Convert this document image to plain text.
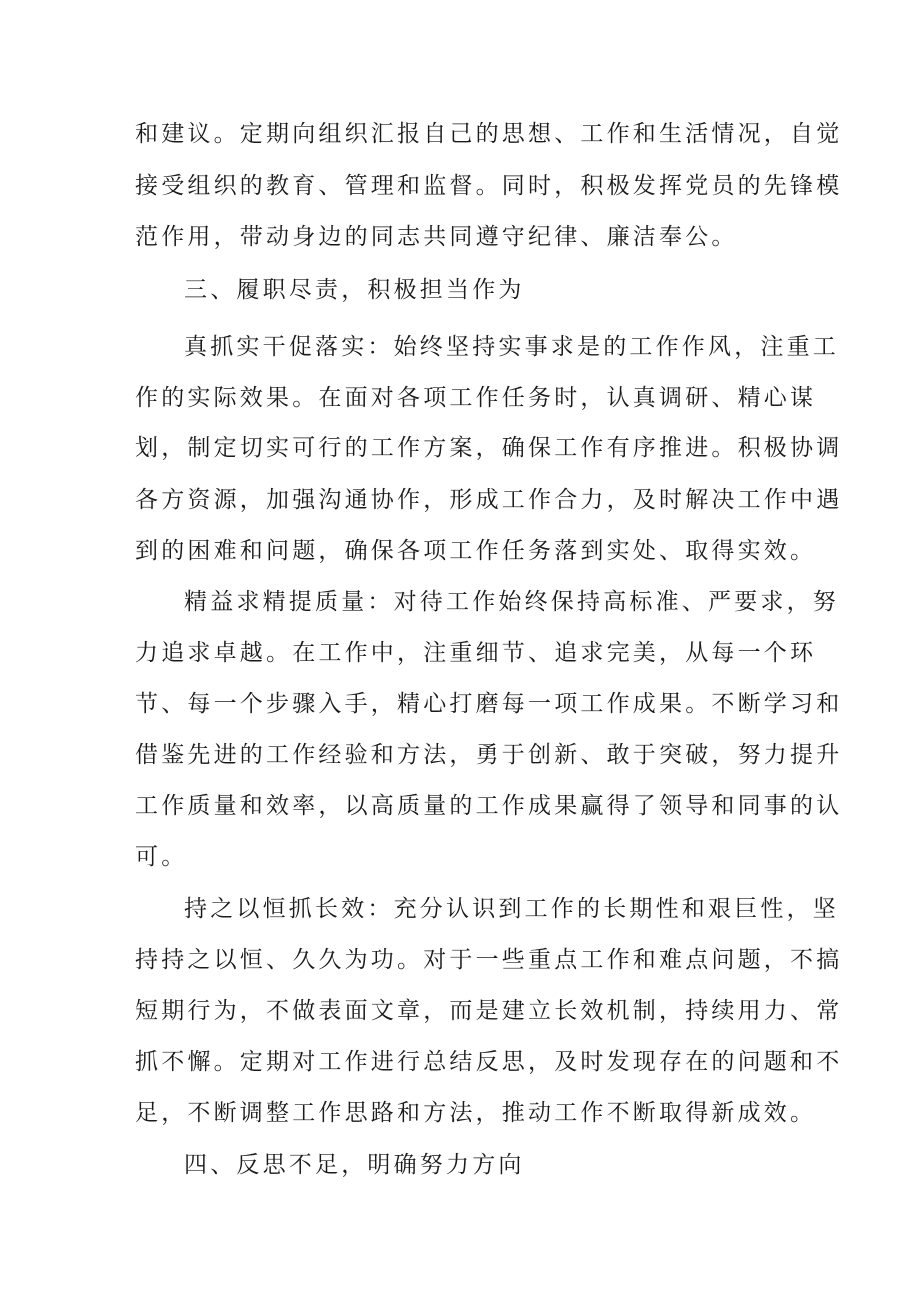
和建议。定期向组织汇报自己的思想、工作和生活情况，自觉
接受组织的教育、管理和监督。同时，积极发挥党员的先锋模
范作用，带动身边的同志共同遵守纪律、廉洁奉公。
三、履职尽责，积极担当作为
真抓实干促落实：始终坚持实事求是的工作作风，注重工
作的实际效果。在面对各项工作任务时，认真调研、精心谋
划，制定切实可行的工作方案，确保工作有序推进。积极协调
各方资源，加强沟通协作，形成工作合力，及时解决工作中遇
到的困难和问题，确保各项工作任务落到实处、取得实效。
精益求精提质量：对待工作始终保持高标准、严要求，努
力追求卓越。在工作中，注重细节、追求完美，从每一个环
节、每一个步骤入手，精心打磨每一项工作成果。不断学习和
借鉴先进的工作经验和方法，勇于创新、敢于突破，努力提升
工作质量和效率，以高质量的工作成果赢得了领导和同事的认
可。
持之以恒抓长效：充分认识到工作的长期性和艰巨性，坚
持持之以恒、久久为功。对于一些重点工作和难点问题，不搞
短期行为，不做表面文章，而是建立长效机制，持续用力、常
抓不懈。定期对工作进行总结反思，及时发现存在的问题和不
足，不断调整工作思路和方法，推动工作不断取得新成效。
四、反思不足，明确努力方向
